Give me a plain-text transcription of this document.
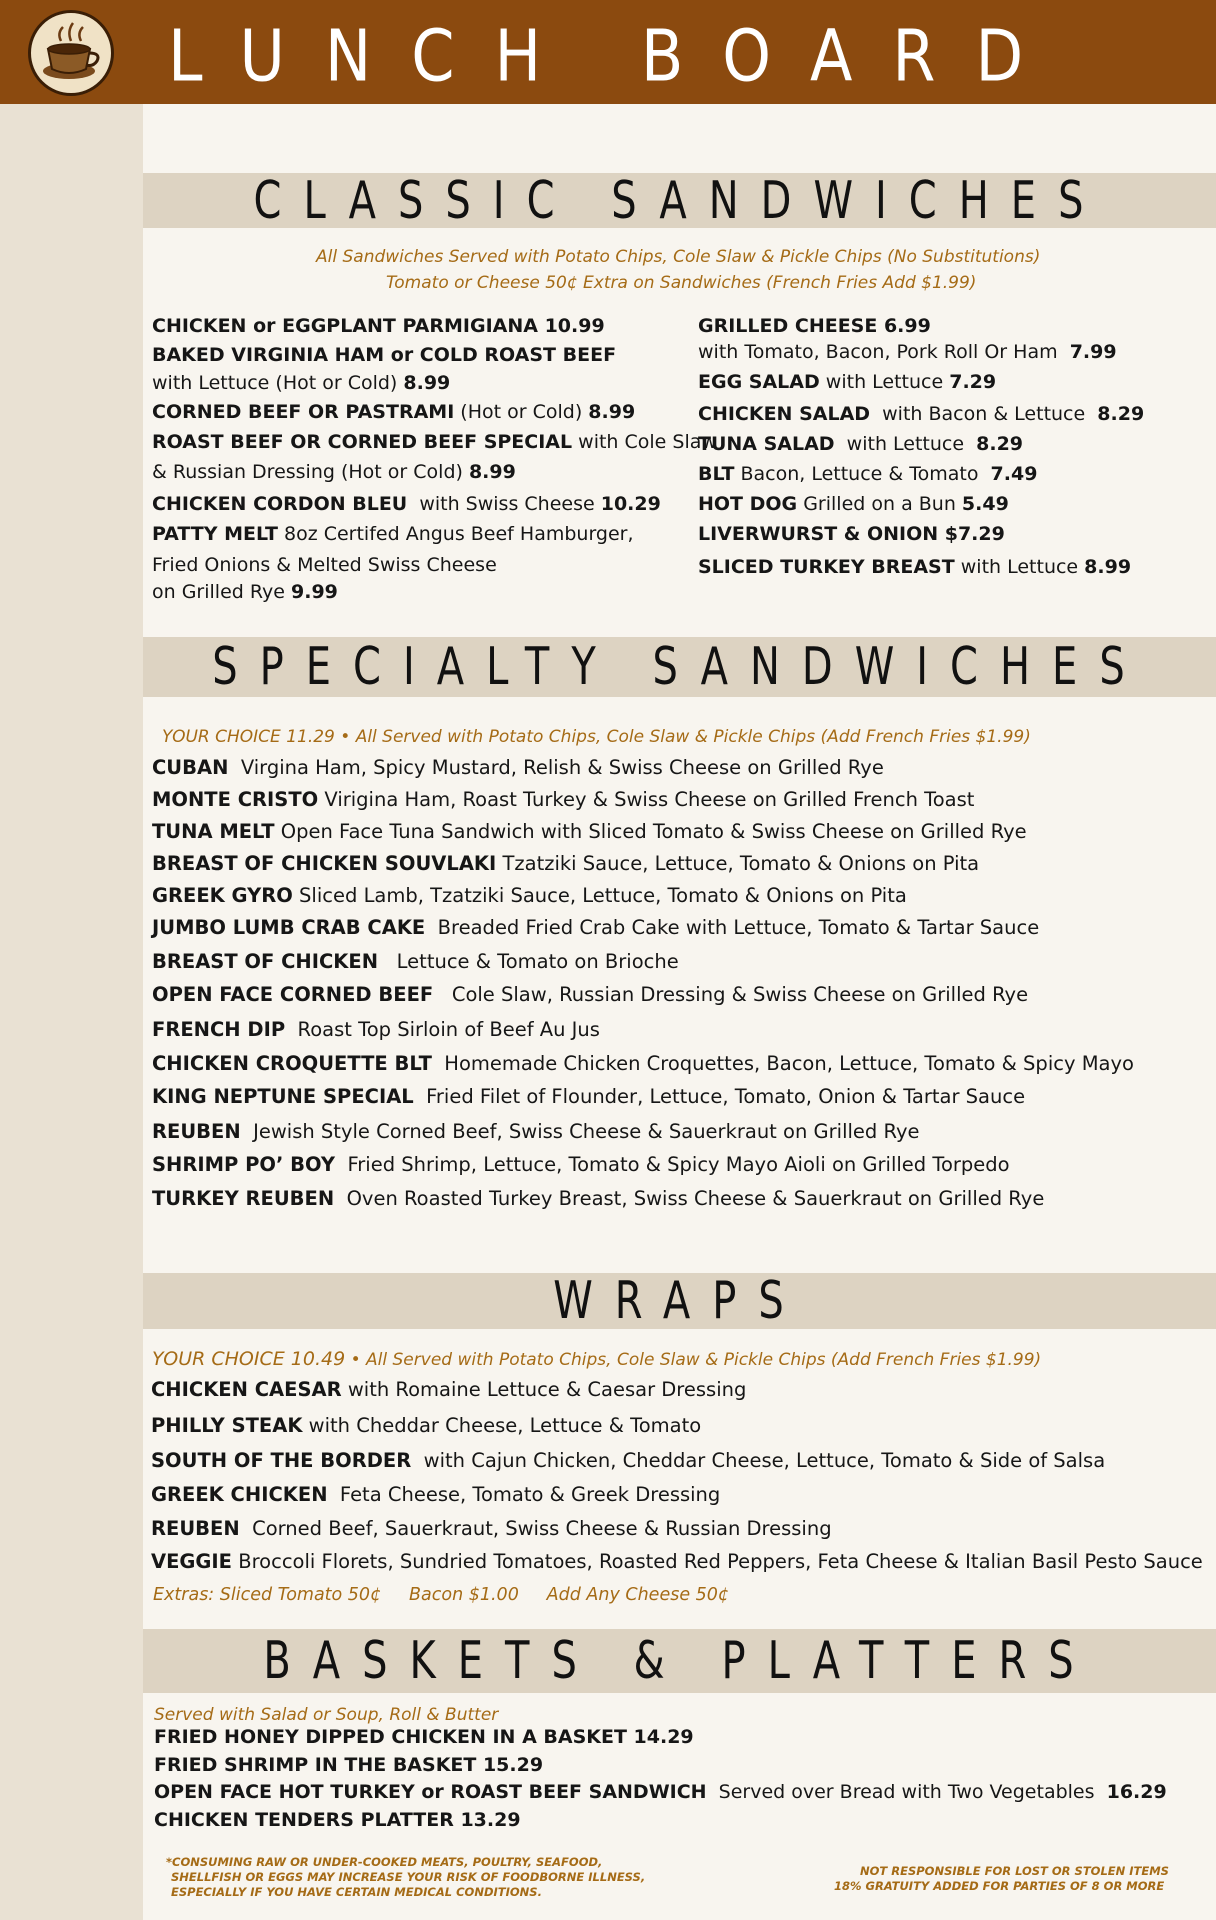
LUNCH BOARD
CLASSIC SANDWICHES
All Sandwiches Served with Potato Chips, Cole Slaw & Pickle Chips (No Substitutions)
Tomato or Cheese 50¢ Extra on Sandwiches (French Fries Add $1.99)
CHICKEN or EGGPLANT PARMIGIANA 10.99
BAKED VIRGINIA HAM or COLD ROAST BEEF
with Lettuce (Hot or Cold) 8.99
CORNED BEEF OR PASTRAMI (Hot or Cold) 8.99
ROAST BEEF OR CORNED BEEF SPECIAL with Cole Slaw
& Russian Dressing (Hot or Cold) 8.99
CHICKEN CORDON BLEU  with Swiss Cheese 10.29
PATTY MELT 8oz Certifed Angus Beef Hamburger,
Fried Onions & Melted Swiss Cheese
on Grilled Rye 9.99
GRILLED CHEESE 6.99
with Tomato, Bacon, Pork Roll Or Ham  7.99
EGG SALAD with Lettuce 7.29
CHICKEN SALAD  with Bacon & Lettuce  8.29
TUNA SALAD  with Lettuce  8.29
BLT Bacon, Lettuce & Tomato  7.49
HOT DOG Grilled on a Bun 5.49
LIVERWURST & ONION $7.29
SLICED TURKEY BREAST with Lettuce 8.99
SPECIALTY SANDWICHES
YOUR CHOICE 11.29 • All Served with Potato Chips, Cole Slaw & Pickle Chips (Add French Fries $1.99)
CUBAN  Virgina Ham, Spicy Mustard, Relish & Swiss Cheese on Grilled Rye
MONTE CRISTO Virigina Ham, Roast Turkey & Swiss Cheese on Grilled French Toast
TUNA MELT Open Face Tuna Sandwich with Sliced Tomato & Swiss Cheese on Grilled Rye
BREAST OF CHICKEN SOUVLAKI Tzatziki Sauce, Lettuce, Tomato & Onions on Pita
GREEK GYRO Sliced Lamb, Tzatziki Sauce, Lettuce, Tomato & Onions on Pita
JUMBO LUMB CRAB CAKE  Breaded Fried Crab Cake with Lettuce, Tomato & Tartar Sauce
BREAST OF CHICKEN   Lettuce & Tomato on Brioche
OPEN FACE CORNED BEEF   Cole Slaw, Russian Dressing & Swiss Cheese on Grilled Rye
FRENCH DIP  Roast Top Sirloin of Beef Au Jus
CHICKEN CROQUETTE BLT  Homemade Chicken Croquettes, Bacon, Lettuce, Tomato & Spicy Mayo
KING NEPTUNE SPECIAL  Fried Filet of Flounder, Lettuce, Tomato, Onion & Tartar Sauce
REUBEN  Jewish Style Corned Beef, Swiss Cheese & Sauerkraut on Grilled Rye
SHRIMP PO’ BOY  Fried Shrimp, Lettuce, Tomato & Spicy Mayo Aioli on Grilled Torpedo
TURKEY REUBEN  Oven Roasted Turkey Breast, Swiss Cheese & Sauerkraut on Grilled Rye
WRAPS
YOUR CHOICE 10.49 • All Served with Potato Chips, Cole Slaw & Pickle Chips (Add French Fries $1.99)
CHICKEN CAESAR with Romaine Lettuce & Caesar Dressing
PHILLY STEAK with Cheddar Cheese, Lettuce & Tomato
SOUTH OF THE BORDER  with Cajun Chicken, Cheddar Cheese, Lettuce, Tomato & Side of Salsa
GREEK CHICKEN  Feta Cheese, Tomato & Greek Dressing
REUBEN  Corned Beef, Sauerkraut, Swiss Cheese & Russian Dressing
VEGGIE Broccoli Florets, Sundried Tomatoes, Roasted Red Peppers, Feta Cheese & Italian Basil Pesto Sauce
Extras: Sliced Tomato 50¢     Bacon $1.00     Add Any Cheese 50¢
BASKETS & PLATTERS
Served with Salad or Soup, Roll & Butter
FRIED HONEY DIPPED CHICKEN IN A BASKET 14.29
FRIED SHRIMP IN THE BASKET 15.29
OPEN FACE HOT TURKEY or ROAST BEEF SANDWICH  Served over Bread with Two Vegetables  16.29
CHICKEN TENDERS PLATTER 13.29
*CONSUMING RAW OR UNDER-COOKED MEATS, POULTRY, SEAFOOD,
SHELLFISH OR EGGS MAY INCREASE YOUR RISK OF FOODBORNE ILLNESS,
ESPECIALLY IF YOU HAVE CERTAIN MEDICAL CONDITIONS.
NOT RESPONSIBLE FOR LOST OR STOLEN ITEMS
18% GRATUITY ADDED FOR PARTIES OF 8 OR MORE
